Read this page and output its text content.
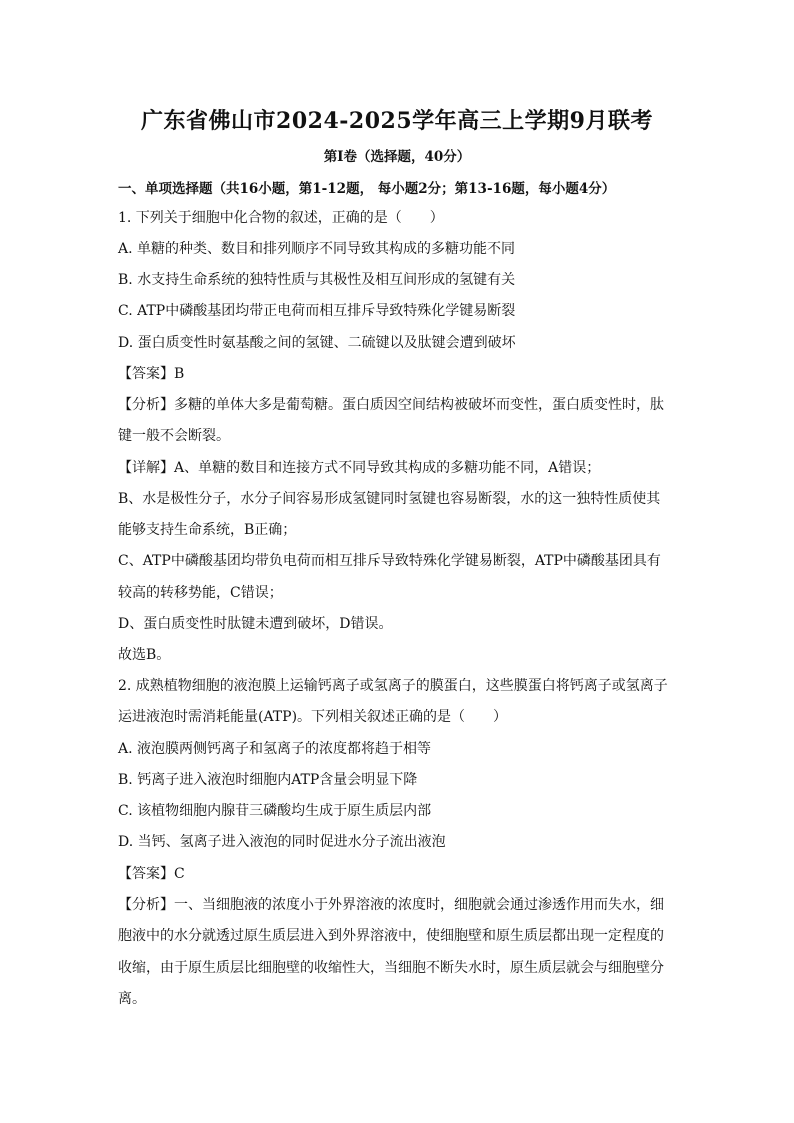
广东省佛山市2024-2025学年高三上学期9月联考
第Ⅰ卷（选择题，40分）
一、单项选择题（共16小题，第1-12题， 每小题2分；第13-16题，每小题4分）
1. 下列关于细胞中化合物的叙述，正确的是（　　）
A. 单糖的种类、数目和排列顺序不同导致其构成的多糖功能不同
B. 水支持生命系统的独特性质与其极性及相互间形成的氢键有关
C. ATP中磷酸基团均带正电荷而相互排斥导致特殊化学键易断裂
D. 蛋白质变性时氨基酸之间的氢键、二硫键以及肽键会遭到破坏
【答案】B
【分析】多糖的单体大多是葡萄糖。蛋白质因空间结构被破坏而变性，蛋白质变性时，肽
键一般不会断裂。
【详解】A、单糖的数目和连接方式不同导致其构成的多糖功能不同，A错误；
B、水是极性分子，水分子间容易形成氢键同时氢键也容易断裂，水的这一独特性质使其
能够支持生命系统，B正确；
C、ATP中磷酸基团均带负电荷而相互排斥导致特殊化学键易断裂，ATP中磷酸基团具有
较高的转移势能，C错误；
D、蛋白质变性时肽键未遭到破坏，D错误。
故选B。
2. 成熟植物细胞的液泡膜上运输钙离子或氢离子的膜蛋白，这些膜蛋白将钙离子或氢离子
运进液泡时需消耗能量(ATP)。下列相关叙述正确的是（　　）
A. 液泡膜两侧钙离子和氢离子的浓度都将趋于相等
B. 钙离子进入液泡时细胞内ATP含量会明显下降
C. 该植物细胞内腺苷三磷酸均生成于原生质层内部
D. 当钙、氢离子进入液泡的同时促进水分子流出液泡
【答案】C
【分析】一、当细胞液的浓度小于外界溶液的浓度时，细胞就会通过渗透作用而失水，细
胞液中的水分就透过原生质层进入到外界溶液中，使细胞壁和原生质层都出现一定程度的
收缩，由于原生质层比细胞壁的收缩性大，当细胞不断失水时，原生质层就会与细胞壁分
离。
